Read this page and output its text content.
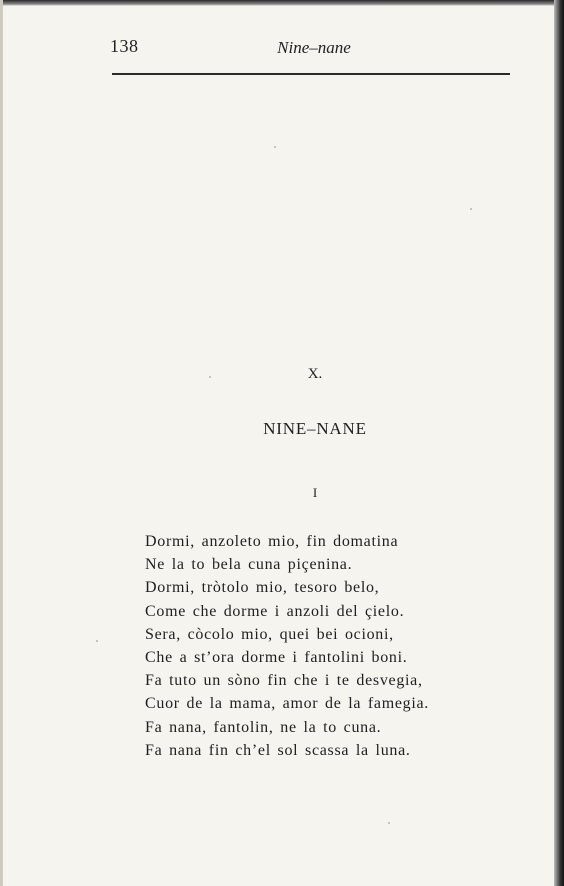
138	Nine–nane
X.
NINE–NANE
I
Dormi, anzoleto mio, fin domatina
Ne la to bela cuna piçenina.
Dormi, tròtolo mio, tesoro belo,
Come che dorme i anzoli del çielo.
Sera, còcolo mio, quei bei ocioni,
Che a st’ora dorme i fantolini boni.
Fa tuto un sòno fin che i te desvegia,
Cuor de la mama, amor de la famegia.
Fa nana, fantolin, ne la to cuna.
Fa nana fin ch’el sol scassa la luna.
